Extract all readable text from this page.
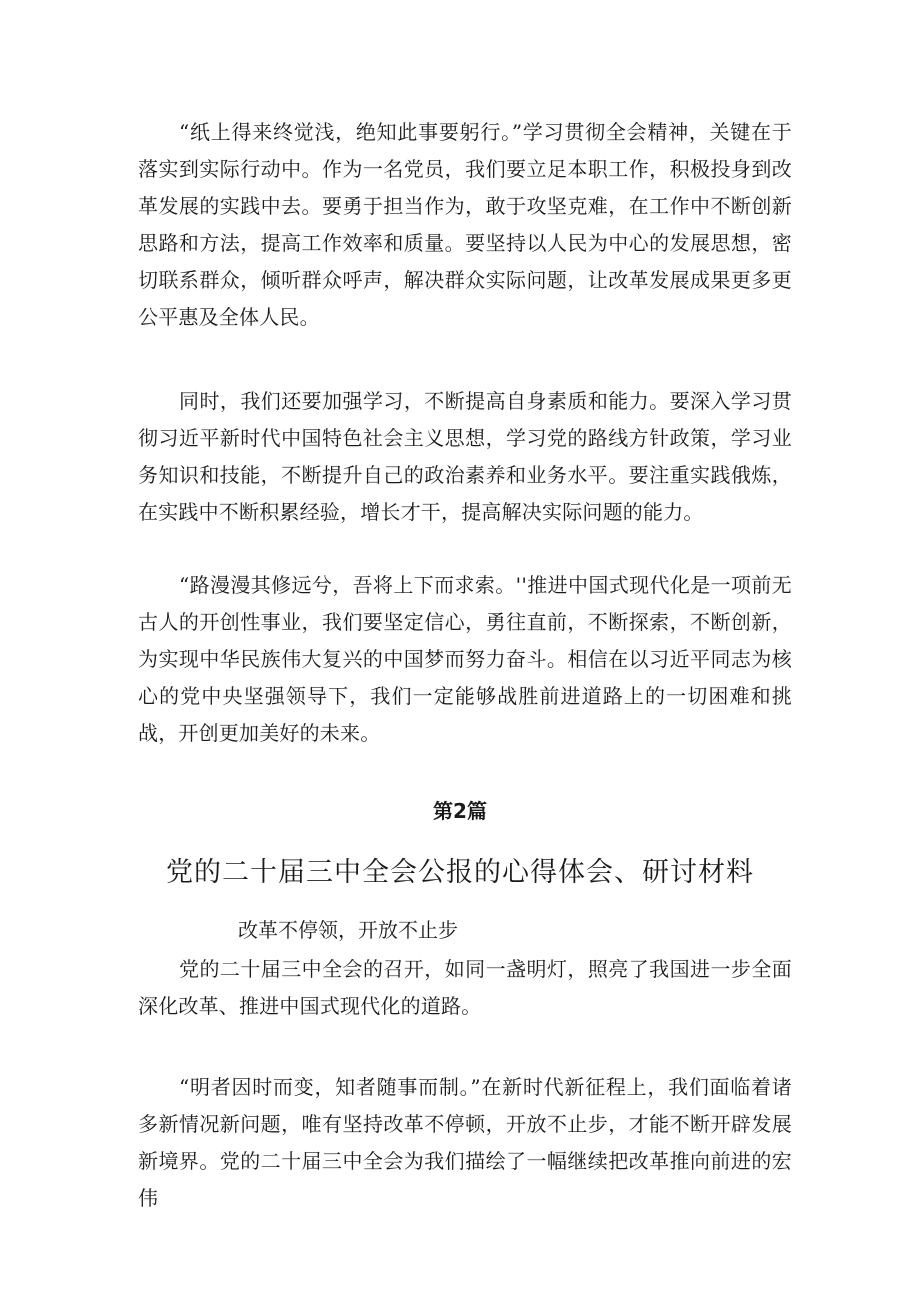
“纸上得来终觉浅，绝知此事要躬行。”学习贯彻全会精神，关键在于落实到实际行动中。作为一名党员，我们要立足本职工作，积极投身到改革发展的实践中去。要勇于担当作为，敢于攻坚克难，在工作中不断创新思路和方法，提高工作效率和质量。要坚持以人民为中心的发展思想，密切联系群众，倾听群众呼声，解决群众实际问题，让改革发展成果更多更公平惠及全体人民。

同时，我们还要加强学习，不断提高自身素质和能力。要深入学习贯彻习近平新时代中国特色社会主义思想，学习党的路线方针政策，学习业务知识和技能，不断提升自己的政治素养和业务水平。要注重实践俄炼，在实践中不断积累经验，增长才干，提高解决实际问题的能力。

“路漫漫其修远兮，吾将上下而求索。''推进中国式现代化是一项前无古人的开创性事业，我们要坚定信心，勇往直前，不断探索，不断创新，为实现中华民族伟大复兴的中国梦而努力奋斗。相信在以习近平同志为核心的党中央坚强领导下，我们一定能够战胜前进道路上的一切困难和挑战，开创更加美好的未来。

第2篇
党的二十届三中全会公报的心得体会、研讨材料

改革不停领，开放不止步

党的二十届三中全会的召开，如同一盏明灯，照亮了我国进一步全面深化改革、推进中国式现代化的道路。

“明者因时而变，知者随事而制。”在新时代新征程上，我们面临着诸多新情况新问题，唯有坚持改革不停顿，开放不止步，才能不断开辟发展新境界。党的二十届三中全会为我们描绘了一幅继续把改革推向前进的宏伟
